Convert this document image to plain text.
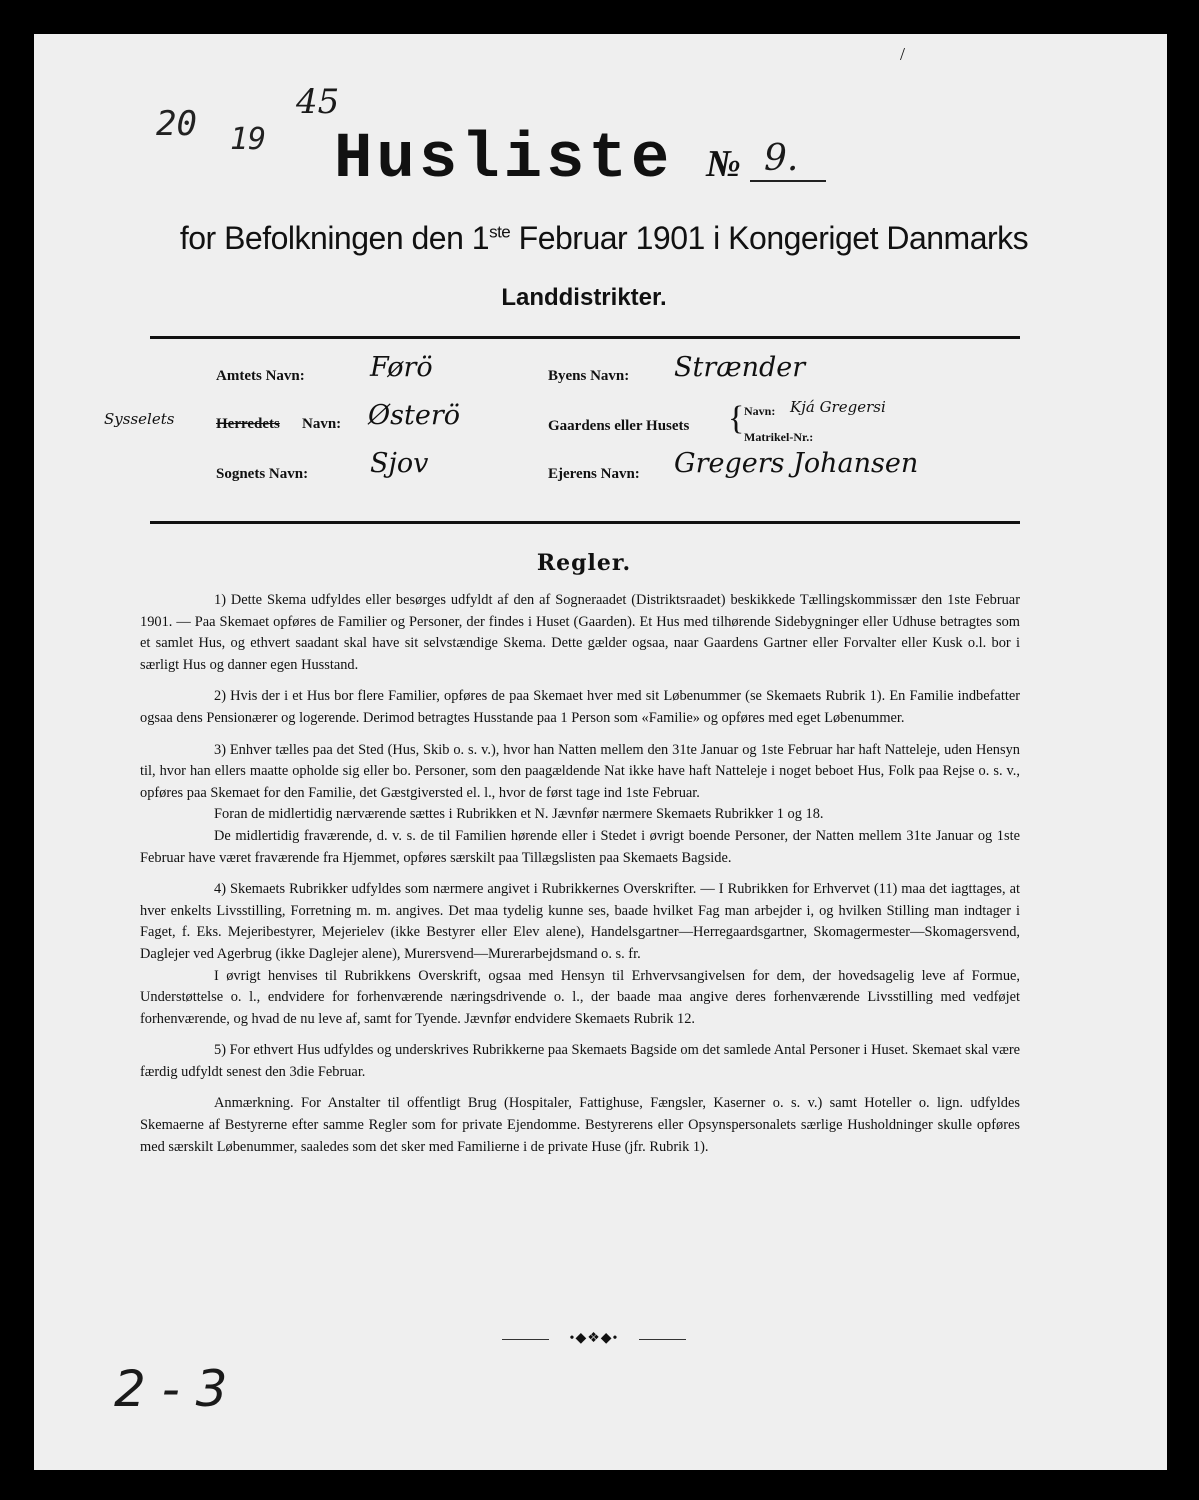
/
20 19
45
Husliste № 9.
for Befolkningen den 1ste Februar 1901 i Kongeriget Danmarks
Landdistrikter.
Amtets Navn: Førö
Sysselets	Herredets Navn: Østerö
Sognets Navn: Sjov
Byens Navn: Strænder
Gaardens eller Husets { Navn: Kjá Gregersi
Matrikel-Nr.:
Ejerens Navn: Gregers Johansen
Regler.

1) Dette Skema udfyldes eller besørges udfyldt af den af Sogneraadet (Distriktsraadet) beskikkede Tællingskommissær den 1ste Februar 1901. — Paa Skemaet opføres de Familier og Personer, der findes i Huset (Gaarden). Et Hus med tilhørende Sidebygninger eller Udhuse betragtes som et samlet Hus, og ethvert saadant skal have sit selvstændige Skema. Dette gælder ogsaa, naar Gaardens Gartner eller Forvalter eller Kusk o.l. bor i særligt Hus og danner egen Husstand.

2) Hvis der i et Hus bor flere Familier, opføres de paa Skemaet hver med sit Løbenummer (se Skemaets Rubrik 1). En Familie indbefatter ogsaa dens Pensionærer og logerende. Derimod betragtes Husstande paa 1 Person som «Familie» og opføres med eget Løbenummer.

3) Enhver tælles paa det Sted (Hus, Skib o. s. v.), hvor han Natten mellem den 31te Januar og 1ste Februar har haft Natteleje, uden Hensyn til, hvor han ellers maatte opholde sig eller bo. Personer, som den paagældende Nat ikke have haft Natteleje i noget beboet Hus, Folk paa Rejse o. s. v., opføres paa Skemaet for den Familie, det Gæstgiversted el. l., hvor de først tage ind 1ste Februar.

Foran de midlertidig nærværende sættes i Rubrikken et N. Jævnfør nærmere Skemaets Rubrikker 1 og 18.

De midlertidig fraværende, d. v. s. de til Familien hørende eller i Stedet i øvrigt boende Personer, der Natten mellem 31te Januar og 1ste Februar have været fraværende fra Hjemmet, opføres særskilt paa Tillægslisten paa Skemaets Bagside.

4) Skemaets Rubrikker udfyldes som nærmere angivet i Rubrikkernes Overskrifter. — I Rubrikken for Erhvervet (11) maa det iagttages, at hver enkelts Livsstilling, Forretning m. m. angives. Det maa tydelig kunne ses, baade hvilket Fag man arbejder i, og hvilken Stilling man indtager i Faget, f. Eks. Mejeribestyrer, Mejerielev (ikke Bestyrer eller Elev alene), Handelsgartner—Herregaardsgartner, Skomagermester—Skomagersvend, Daglejer ved Agerbrug (ikke Daglejer alene), Murersvend—Murerarbejdsmand o. s. fr.

I øvrigt henvises til Rubrikkens Overskrift, ogsaa med Hensyn til Erhvervsangivelsen for dem, der hovedsagelig leve af Formue, Understøttelse o. l., endvidere for forhenværende næringsdrivende o. l., der baade maa angive deres forhenværende Livsstilling med vedføjet forhenværende, og hvad de nu leve af, samt for Tyende. Jævnfør endvidere Skemaets Rubrik 12.

5) For ethvert Hus udfyldes og underskrives Rubrikkerne paa Skemaets Bagside om det samlede Antal Personer i Huset. Skemaet skal være færdig udfyldt senest den 3die Februar.

Anmærkning. For Anstalter til offentligt Brug (Hospitaler, Fattighuse, Fængsler, Kaserner o. s. v.) samt Hoteller o. lign. udfyldes Skemaerne af Bestyrerne efter samme Regler som for private Ejendomme. Bestyrerens eller Opsynspersonalets særlige Husholdninger skulle opføres med særskilt Løbenummer, saaledes som det sker med Familierne i de private Huse (jfr. Rubrik 1).

•◆❖◆•
2 - 3
